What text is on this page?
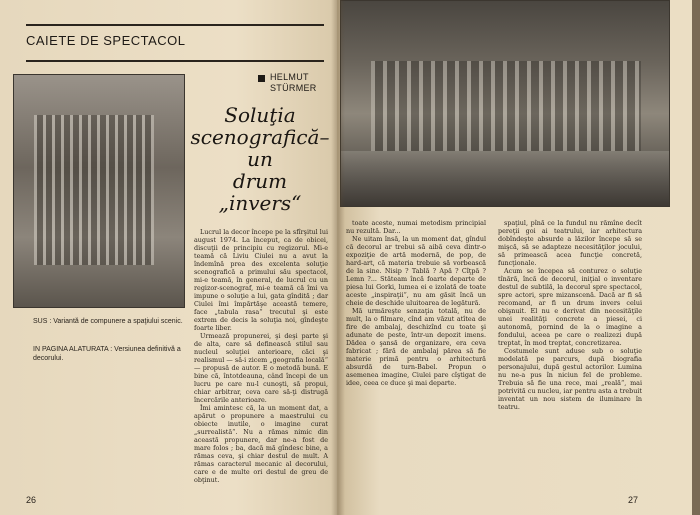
CAIETE DE SPECTACOL
SUS : Variantă de compunere a spaţiului scenic.
IN PAGINA ALATURATA : Versiunea definitivă a decorului.
HELMUT
STÜRMER
Soluţia
scenografică–
un
drum
„invers“

Lucrul la decor începe pe la sfîrşitul lui august 1974. La început, ca de obicei, discuţii de principiu cu regizorul. Mi-e teamă că Liviu Ciulei nu a avut la îndemînă prea des excelenta soluţie scenografică a primului său spectacol, mi-e teamă, în general, de lucrul cu un regizor-scenograf, mi-e teamă că îmi va impune o soluţie a lui, gata gîndită ; dar Ciulei îmi împărtăşe această temere, face „tabula rasa“ trecutul şi este extrem de decis la soluţia noi, gîndeşte foarte liber.

Urmează propunerei, şi deşi parte şi de alta, care să definească stilul sau nucleul soluţiei anterioare, căci şi realismul — să-i zicem „geografia locală“ — propusă de autor. E o metodă bună. E bine că, întotdeauna, când începi de un lucru pe care nu-l cunoşti, să propui, chiar arbitrar, ceva care să-ţi distrugă încercările anterioare.

Îmi amintesc că, la un moment dat, a apărut o propunere a maestrului cu obiecte inutile, o imagine curat „surrealistă“. Nu a rămas nimic din această propunere, dar ne-a fost de mare folos ; ba, dacă mă gîndesc bine, a rămas ceva, şi chiar destul de mult. A rămas caracterul mecanic al decorului, care e de multe ori destul de greu de obţinut.

26

toate aceste, numai metodism principial nu rezultă. Dar...

Ne uitam însă, la un moment dat, gîndul că decorul ar trebui să aibă ceva dintr-o expoziţie de artă modernă, de pop, de hard-art, că materia trebuie să vorbească de la sine. Nisip ? Tablă ? Apă ? Cîţpă ? Lemn ?... Stăteam încă foarte departe de piesa lui Gorki, lumea ei e izolată de toate aceste „inspiraţii“, nu am găsit încă un cheie de deschide uluitoarea de legătură.

Mă urmăreşte senzaţia totală, nu de mult, la o filmare, cînd am văzut atîtea de fire de ambalaj, deschizînd cu toate şi adunate de peste, într-un depozit imens. Dădea o şansă de organizare, era ceva fabricat ; fără de ambalaj părea să fie materie primă pentru o arhitectură absurdă de turn-Babel. Propun o asemenea imagine, Ciulei pare cîştigat de idee, ceea ce duce şi mai departe.

spaţiul, pînă ce la fundul nu rămîne decît pereţii goi ai teatrului, iar arhitectura dobîndeşte absurde a lăzilor începe să se mişcă, să se adapteze necesităţilor jocului, să primească acea funcţie concretă, funcţionale.

Acum se începea să conturez o soluţie tînără, încă de decorul, iniţial o inventare destul de subtilă, la decorul spre spectacol, spre actori, spre mizanscenă. Dacă ar fi să recomand, ar fi un drum invers celui obişnuit. El nu e derivat din necesităţile unei realităţi concrete a piesei, ci autonomă, pornind de la o imagine a fondului, aceea pe care o realizezi după treptat, în mod treptat, concretizarea.

Costumele sunt aduse sub o soluţie modelată pe parcurs, după biografia personajului, după gestul actorilor. Lumina nu ne-a pus în niciun fel de probleme. Trebuia să fie una rece, mai „reală“, mai potrivită cu nucleu, iar pentru asta a trebuit inventat un nou sistem de iluminare în teatru.

27
